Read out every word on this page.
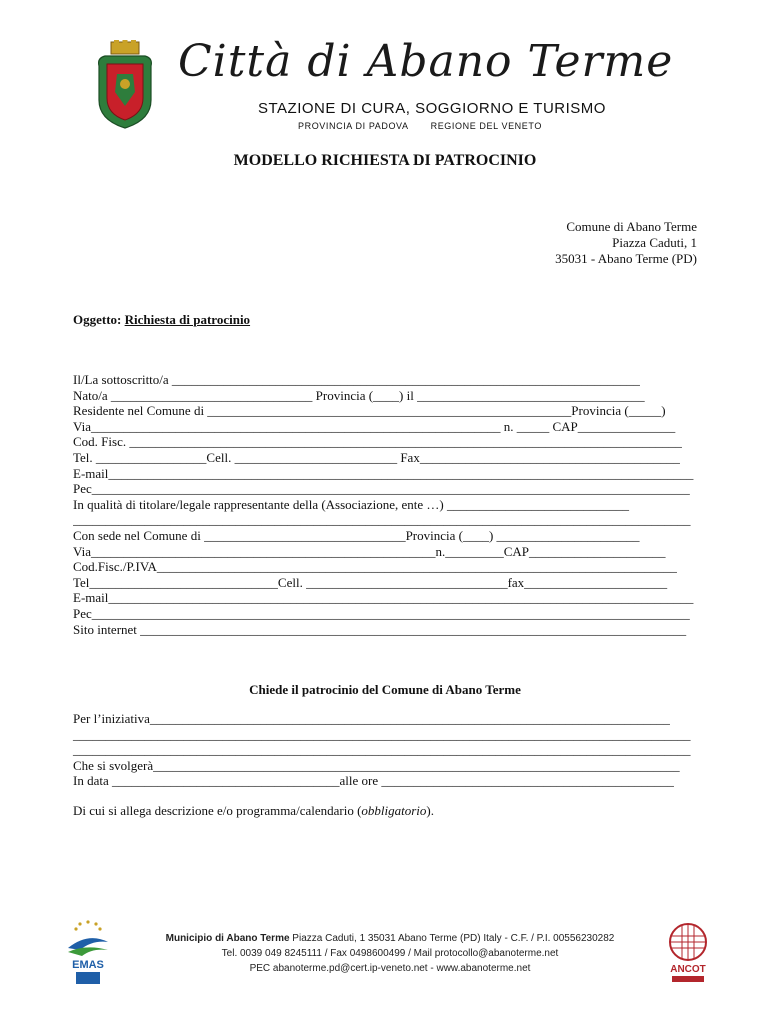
Città di Abano Terme
STAZIONE DI CURA, SOGGIORNO E TURISMO
PROVINCIA DI PADOVA REGIONE DEL VENETO
MODELLO RICHIESTA DI PATROCINIO
Comune di Abano Terme
Piazza Caduti, 1
35031 - Abano Terme (PD)
Oggetto: Richiesta di patrocinio
Il/La sottoscritto/a ________________________________________________________________________
Nato/a _______________________________ Provincia (____) il ___________________________________
Residente nel Comune di ________________________________________________________Provincia (_____)
Via_______________________________________________________________ n. _____ CAP_______________
Cod. Fisc. _____________________________________________________________________________________
Tel. _________________Cell. _________________________ Fax________________________________________
E-mail__________________________________________________________________________________________
Pec____________________________________________________________________________________________
In qualità di titolare/legale rappresentante della (Associazione, ente …) ____________________________
_______________________________________________________________________________________________
Con sede nel Comune di _______________________________Provincia (____) ______________________
Via_____________________________________________________n._________CAP_____________________
Cod.Fisc./P.IVA________________________________________________________________________________
Tel_____________________________Cell. _______________________________fax______________________
E-mail__________________________________________________________________________________________
Pec____________________________________________________________________________________________
Sito internet ____________________________________________________________________________________
Chiede il patrocinio del Comune di Abano Terme
Per l’iniziativa________________________________________________________________________________
_______________________________________________________________________________________________
_______________________________________________________________________________________________
Che si svolgerà_________________________________________________________________________________
In data ___________________________________alle ore _____________________________________________
Di cui si allega descrizione e/o programma/calendario (obbligatorio).
EMAS
Municipio di Abano Terme Piazza Caduti, 1 35031 Abano Terme (PD) Italy - C.F. / P.I. 00556230282
Tel. 0039 049 8245111 / Fax 0498600499 / Mail protocollo@abanoterme.net
PEC abanoterme.pd@cert.ip-veneto.net - www.abanoterme.net	ANCOT
